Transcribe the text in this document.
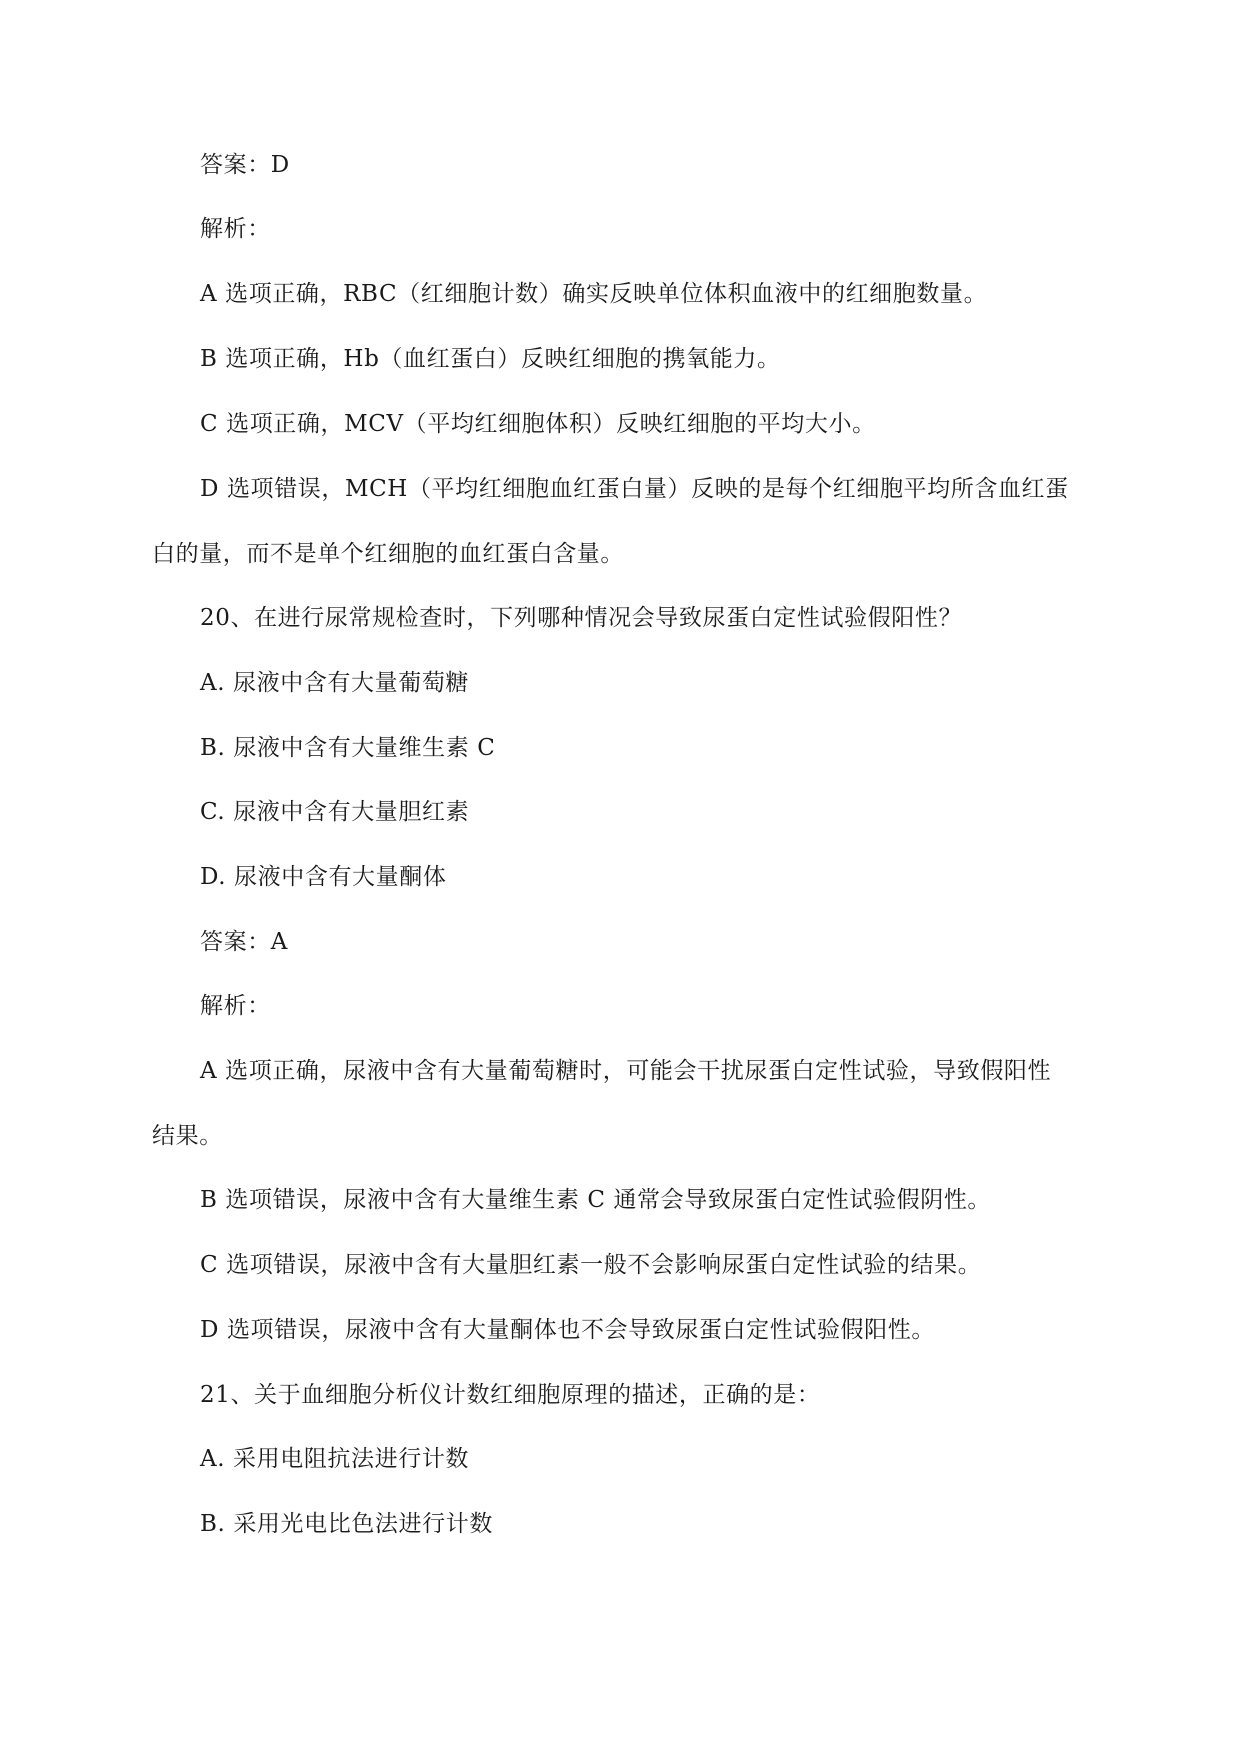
答案：D
解析：
A 选项正确，RBC（红细胞计数）确实反映单位体积血液中的红细胞数量。
B 选项正确，Hb（血红蛋白）反映红细胞的携氧能力。
C 选项正确，MCV（平均红细胞体积）反映红细胞的平均大小。
D 选项错误，MCH（平均红细胞血红蛋白量）反映的是每个红细胞平均所含血红蛋
白的量，而不是单个红细胞的血红蛋白含量。
20、在进行尿常规检查时，下列哪种情况会导致尿蛋白定性试验假阳性？
A. 尿液中含有大量葡萄糖
B. 尿液中含有大量维生素 C
C. 尿液中含有大量胆红素
D. 尿液中含有大量酮体
答案：A
解析：
A 选项正确，尿液中含有大量葡萄糖时，可能会干扰尿蛋白定性试验，导致假阳性
结果。
B 选项错误，尿液中含有大量维生素 C 通常会导致尿蛋白定性试验假阴性。
C 选项错误，尿液中含有大量胆红素一般不会影响尿蛋白定性试验的结果。
D 选项错误，尿液中含有大量酮体也不会导致尿蛋白定性试验假阳性。
21、关于血细胞分析仪计数红细胞原理的描述，正确的是：
A. 采用电阻抗法进行计数
B. 采用光电比色法进行计数
